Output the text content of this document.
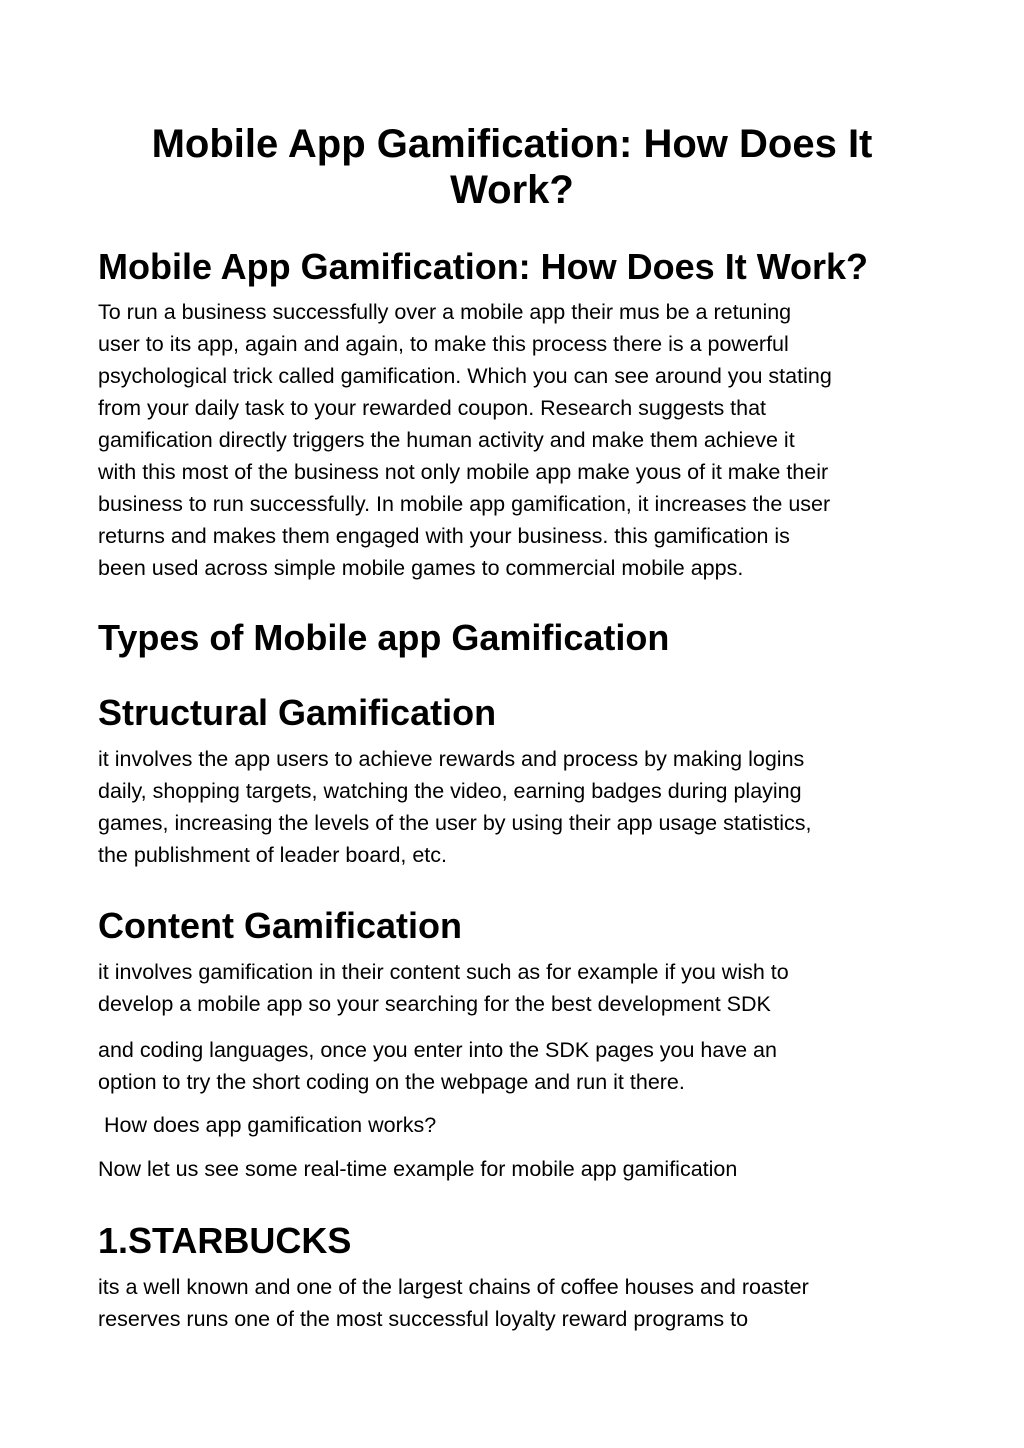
Mobile App Gamification: How Does It Work?
Mobile App Gamification: How Does It Work?

To run a business successfully over a mobile app their mus be a retuning
user to its app, again and again, to make this process there is a powerful
psychological trick called gamification. Which you can see around you stating
from your daily task to your rewarded coupon. Research suggests that
gamification directly triggers the human activity and make them achieve it
with this most of the business not only mobile app make yous of it make their
business to run successfully. In mobile app gamification, it increases the user
returns and makes them engaged with your business. this gamification is
been used across simple mobile games to commercial mobile apps.

Types of Mobile app Gamification
Structural Gamification

it involves the app users to achieve rewards and process by making logins
daily, shopping targets, watching the video, earning badges during playing
games, increasing the levels of the user by using their app usage statistics,
the publishment of leader board, etc.

Content Gamification

it involves gamification in their content such as for example if you wish to
develop a mobile app so your searching for the best development SDK

and coding languages, once you enter into the SDK pages you have an
option to try the short coding on the webpage and run it there.

How does app gamification works?

Now let us see some real-time example for mobile app gamification

1.STARBUCKS

its a well known and one of the largest chains of coffee houses and roaster
reserves runs one of the most successful loyalty reward programs to
